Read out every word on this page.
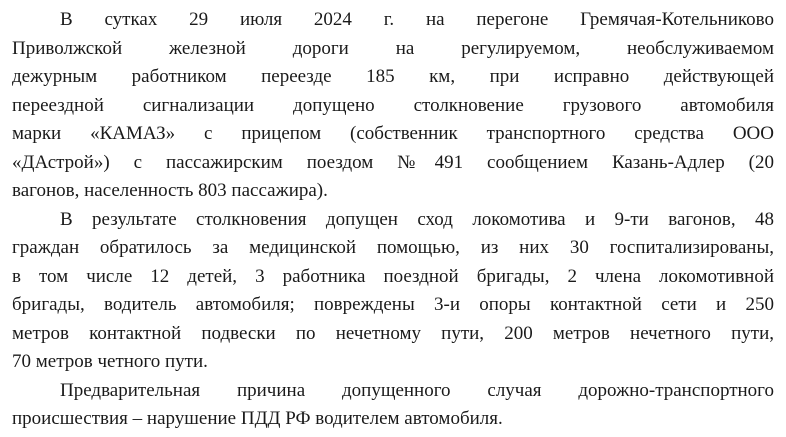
В сутках 29 июля 2024 г. на перегоне Гремячая-Котельниково
Приволжской железной дороги на регулируемом, необслуживаемом
дежурным работником переезде 185 км, при исправно действующей
переездной сигнализации допущено столкновение грузового автомобиля
марки «КАМАЗ» с прицепом (собственник транспортного средства ООО
«ДАстрой») с пассажирским поездом №491 сообщением Казань-Адлер (20
вагонов, населенность 803 пассажира).
В результате столкновения допущен сход локомотива и 9-ти вагонов, 48
граждан обратилось за медицинской помощью, из них 30 госпитализированы,
в том числе 12 детей, 3 работника поездной бригады, 2 члена локомотивной
бригады, водитель автомобиля; повреждены 3-и опоры контактной сети и 250
метров контактной подвески по нечетному пути, 200 метров нечетного пути,
70 метров четного пути.
Предварительная причина допущенного случая дорожно-транспортного
происшествия – нарушение ПДД РФ водителем автомобиля.
